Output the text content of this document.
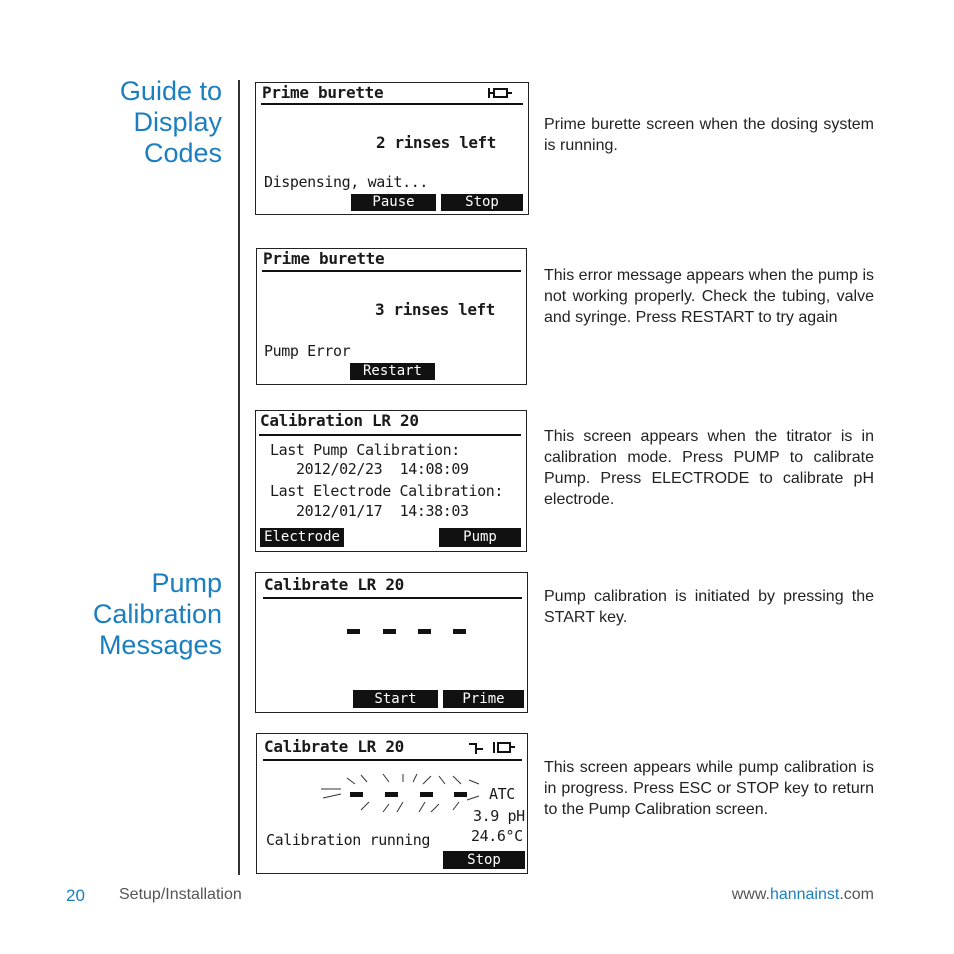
Guide to
Display
Codes
Pump
Calibration
Messages
Prime burette
2 rinses left
Dispensing, wait...
Pause	Stop
Prime burette screen when the dosing system is running.
Prime burette
3 rinses left
Pump Error
Restart
This error message appears when the pump is not working properly. Check the tubing, valve and syringe. Press RESTART to try again
Calibration LR 20
Last Pump Calibration:
2012/02/23  14:08:09
Last Electrode Calibration:
2012/01/17  14:38:03
Electrode	Pump
This screen appears when the titrator is in calibration mode. Press PUMP to calibrate Pump. Press ELECTRODE to calibrate pH electrode.
Calibrate LR 20
Start	Prime
Pump calibration is initiated by pressing the START key.
Calibrate LR 20
ATC
3.9 pH
24.6°C
Calibration running
Stop
This screen appears while pump calibration is in progress. Press ESC or STOP key to return to the Pump Calibration screen.
20 Setup/Installation	www.hannainst.com
